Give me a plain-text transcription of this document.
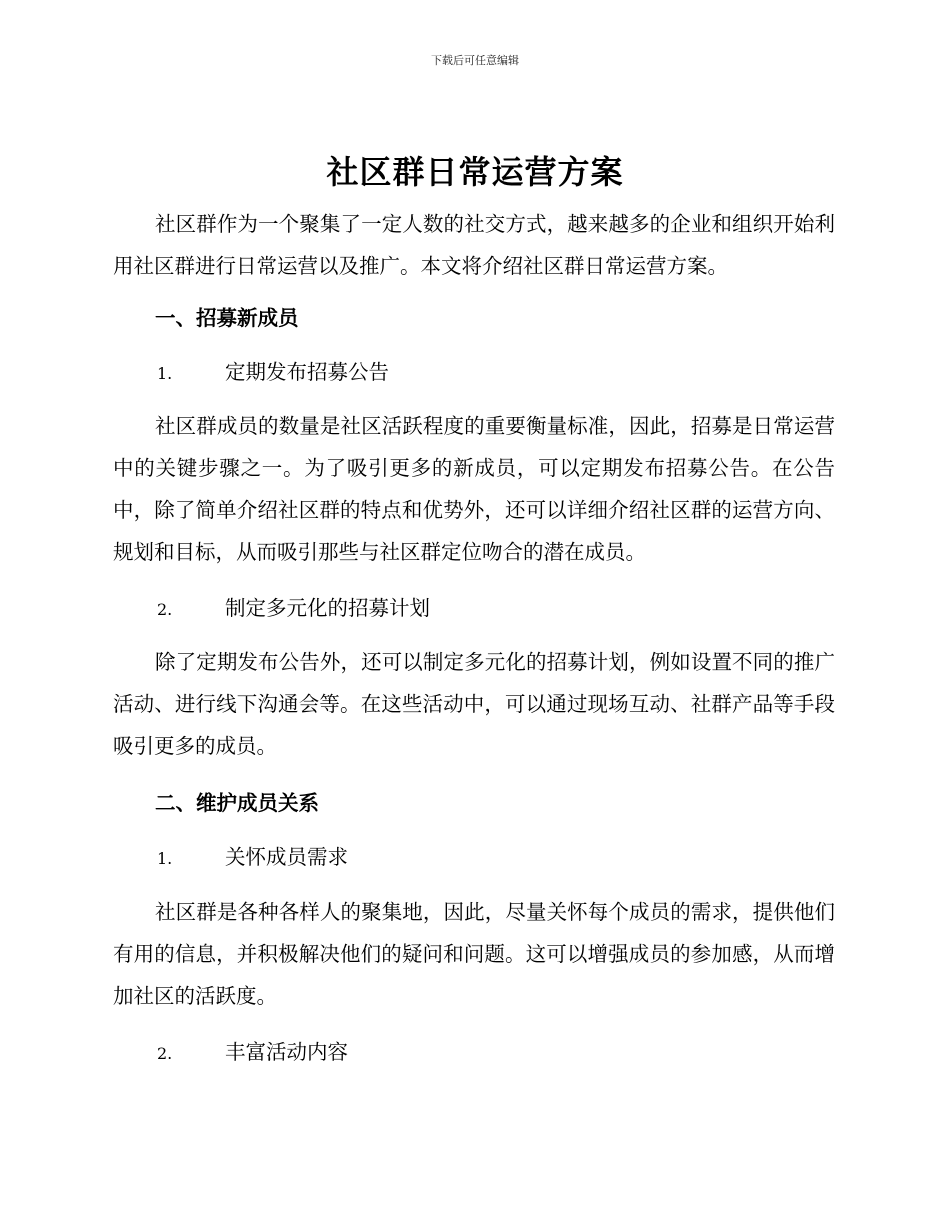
下载后可任意编辑
社区群日常运营方案

社区群作为一个聚集了一定人数的社交方式，越来越多的企业和组织开始利用社区群进行日常运营以及推广。本文将介绍社区群日常运营方案。

一、招募新成员
1.	定期发布招募公告

社区群成员的数量是社区活跃程度的重要衡量标准，因此，招募是日常运营中的关键步骤之一。为了吸引更多的新成员，可以定期发布招募公告。在公告中，除了简单介绍社区群的特点和优势外，还可以详细介绍社区群的运营方向、规划和目标，从而吸引那些与社区群定位吻合的潜在成员。

2.	制定多元化的招募计划

除了定期发布公告外，还可以制定多元化的招募计划，例如设置不同的推广活动、进行线下沟通会等。在这些活动中，可以通过现场互动、社群产品等手段吸引更多的成员。

二、维护成员关系
1.	关怀成员需求

社区群是各种各样人的聚集地，因此，尽量关怀每个成员的需求，提供他们有用的信息，并积极解决他们的疑问和问题。这可以增强成员的参加感，从而增加社区的活跃度。

2.	丰富活动内容
